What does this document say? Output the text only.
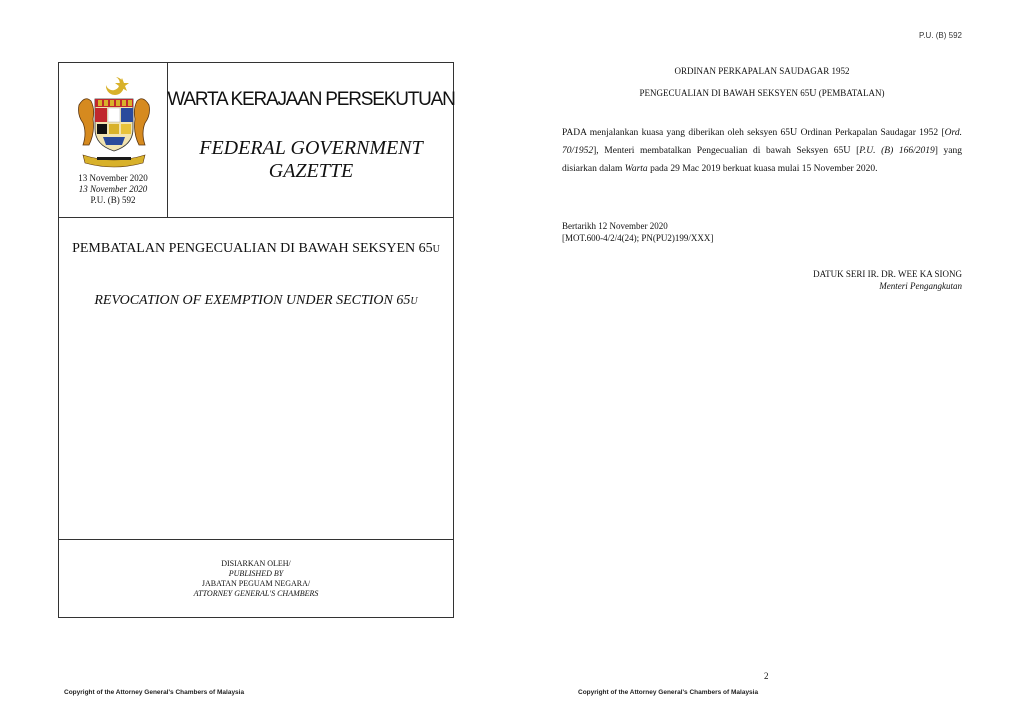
13 November 2020
13 November 2020
P.U. (B) 592
WARTA KERAJAAN PERSEKUTUAN
FEDERAL GOVERNMENT
GAZETTE
PEMBATALAN PENGECUALIAN DI BAWAH SEKSYEN 65U
REVOCATION OF EXEMPTION UNDER SECTION 65U
DISIARKAN OLEH/
PUBLISHED BY
JABATAN PEGUAM NEGARA/
ATTORNEY GENERAL'S CHAMBERS
Copyright of the Attorney General's Chambers of Malaysia
P.U. (B) 592
ORDINAN PERKAPALAN SAUDAGAR 1952
PENGECUALIAN DI BAWAH SEKSYEN 65U (PEMBATALAN)
PADA menjalankan kuasa yang diberikan oleh seksyen 65U Ordinan Perkapalan Saudagar 1952 [Ord. 70/1952], Menteri membatalkan Pengecualian di bawah Seksyen 65U [P.U. (B) 166/2019] yang disiarkan dalam Warta pada 29 Mac 2019 berkuat kuasa mulai 15 November 2020.
Bertarikh 12 November 2020
[MOT.600-4/2/4(24); PN(PU2)199/XXX]
DATUK SERI IR. DR. WEE KA SIONG
Menteri Pengangkutan
2
Copyright of the Attorney General's Chambers of Malaysia
